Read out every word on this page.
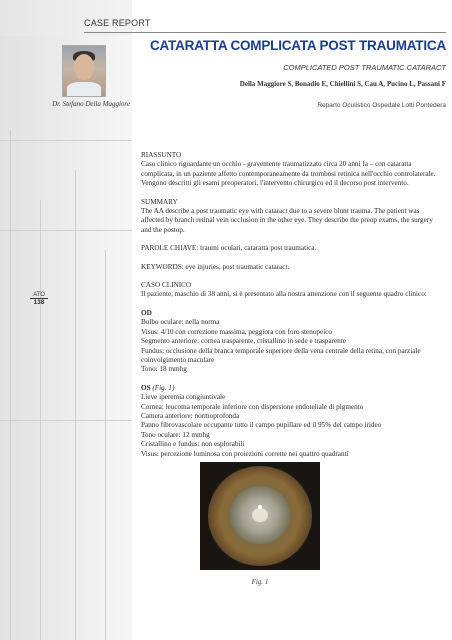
CASE REPORT
Dr. Stefano Della Maggiore
CATARATTA COMPLICATA POST TRAUMATICA
COMPLICATED POST TRAUMATIC CATARACT
Della Maggiore S, Bonadio E, Chiellini S, Cau A, Pucino L, Passani F
Reparto Oculistico Ospedale Lotti Pontedera
ATO
138

RIASSUNTO
Caso clinico riguardante un occhio - gravemente traumatizzato circa 20 anni fa – con cataratta complicata, in un paziente affetto contemporaneamente da trombosi retinica nell'occhio controlaterale. Vengono descritti gli esami preoperatori, l'intervento chirurgico ed il decorso post intervento.

SUMMARY
The AA describe a post traumatic eye with cataract due to a severe blunt trauma. The patient was affected by branch retinal vein occlusion in the other eye. They describe the preop exams, the surgery and the postop.

PAROLE CHIAVE: traumi oculari, cataratta post traumatica.

KEYWORDS: eye injuries, post traumatic cataract.

CASO CLINICO
Il paziente, maschio di 38 anni, si è presentato alla nostra attenzione con il seguente quadro clinico:

OD
Bulbo oculare: nella norma
Visus: 4/10 con correzione massima, peggiora con foro stenopeico
Segmento anteriore: cornea trasparente, cristallino in sede e trasparente
Fundus: occlusione della branca temporale superiore della vena centrale della retina, con parziale coinvolgimento maculare
Tono: 18 mmhg

OS (Fig. 1)
Lieve iperemia congiuntivale
Cornea: leucoma temporale inferiore con dispersione endoteliale di pigmento
Camera anteriore: normoprofonda
Panno fibrovascolare occupante tutto il campo pupillare ed il 95% del campo irideo
Tono oculare: 12 mmhg
Cristallino e fundus: non esplorabili
Visus: percezione luminosa con proiezioni corrette nei quattro quadranti

Fig. 1
